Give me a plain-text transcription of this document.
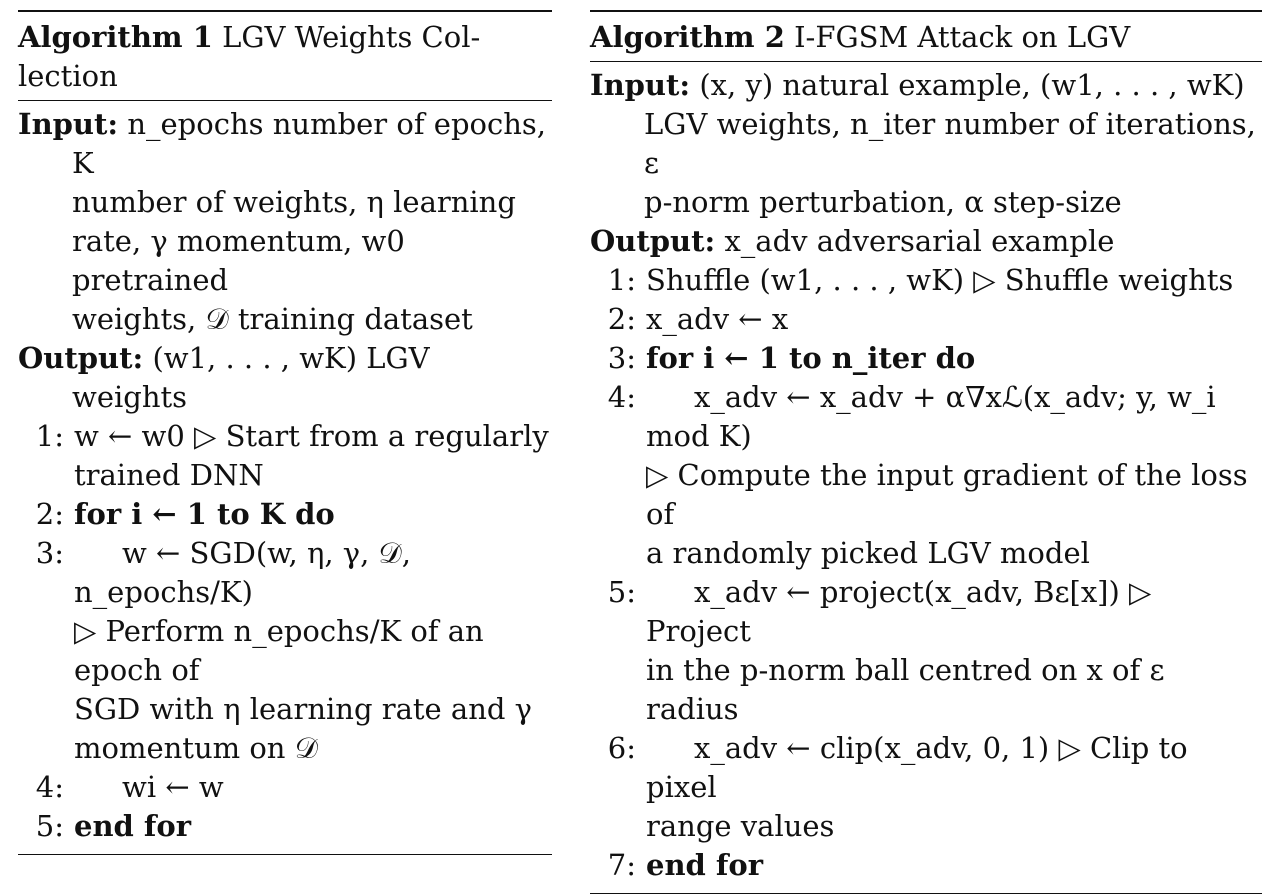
Algorithm 1 LGV Weights Col-
lection
Input: n_epochs number of epochs, K
number of weights, η learning
rate, γ momentum, w0 pretrained
weights, 𝒟 training dataset
Output: (w1, . . . , wK) LGV weights
1: w ← w0 ▷ Start from a regularly
trained DNN
2: for i ← 1 to K do
3:	w ← SGD(w, η, γ, 𝒟, n_epochs/K)
▷ Perform n_epochs/K of an epoch of
SGD with η learning rate and γ
momentum on 𝒟
4:	wi ← w
5: end for
Algorithm 2 I-FGSM Attack on LGV
Input: (x, y) natural example, (w1, . . . , wK)
LGV weights, n_iter number of iterations, ε
p-norm perturbation, α step-size
Output: x_adv adversarial example
1: Shuffle (w1, . . . , wK) ▷ Shuffle weights
2: x_adv ← x
3: for i ← 1 to n_iter do
4:	x_adv ← x_adv + α∇xℒ(x_adv; y, w_i mod K)
▷ Compute the input gradient of the loss of
a randomly picked LGV model
5:	x_adv ← project(x_adv, Bε[x]) ▷ Project
in the p-norm ball centred on x of ε radius
6:	x_adv ← clip(x_adv, 0, 1) ▷ Clip to pixel
range values
7: end for
